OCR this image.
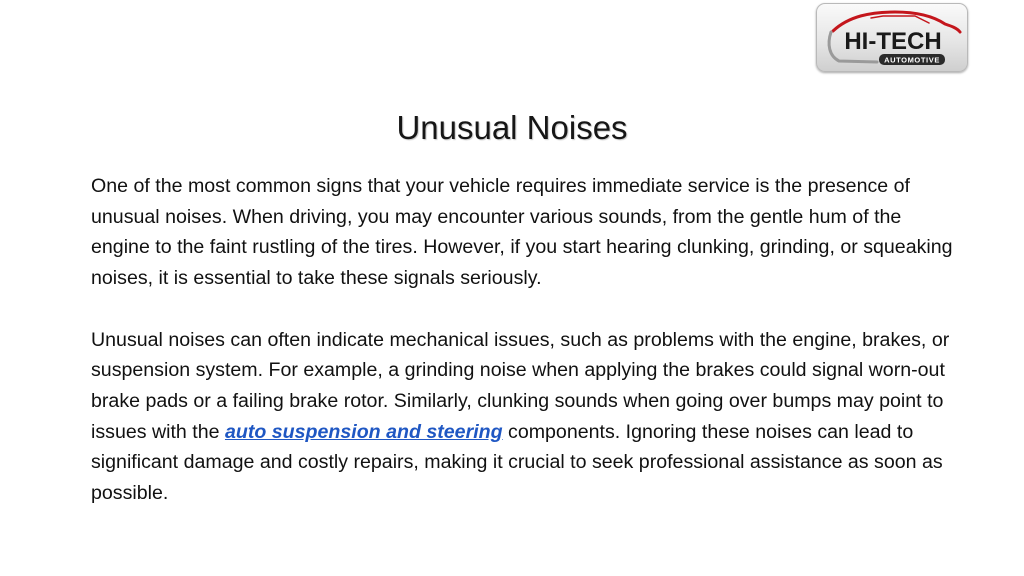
HI-TECH
AUTOMOTIVE
Unusual Noises

One of the most common signs that your vehicle requires immediate service is the presence of unusual noises. When driving, you may encounter various sounds, from the gentle hum of the engine to the faint rustling of the tires. However, if you start hearing clunking, grinding, or squeaking noises, it is essential to take these signals seriously.

Unusual noises can often indicate mechanical issues, such as problems with the engine, brakes, or suspension system. For example, a grinding noise when applying the brakes could signal worn-out brake pads or a failing brake rotor. Similarly, clunking sounds when going over bumps may point to issues with the auto suspension and steering components. Ignoring these noises can lead to significant damage and costly repairs, making it crucial to seek professional assistance as soon as possible.
